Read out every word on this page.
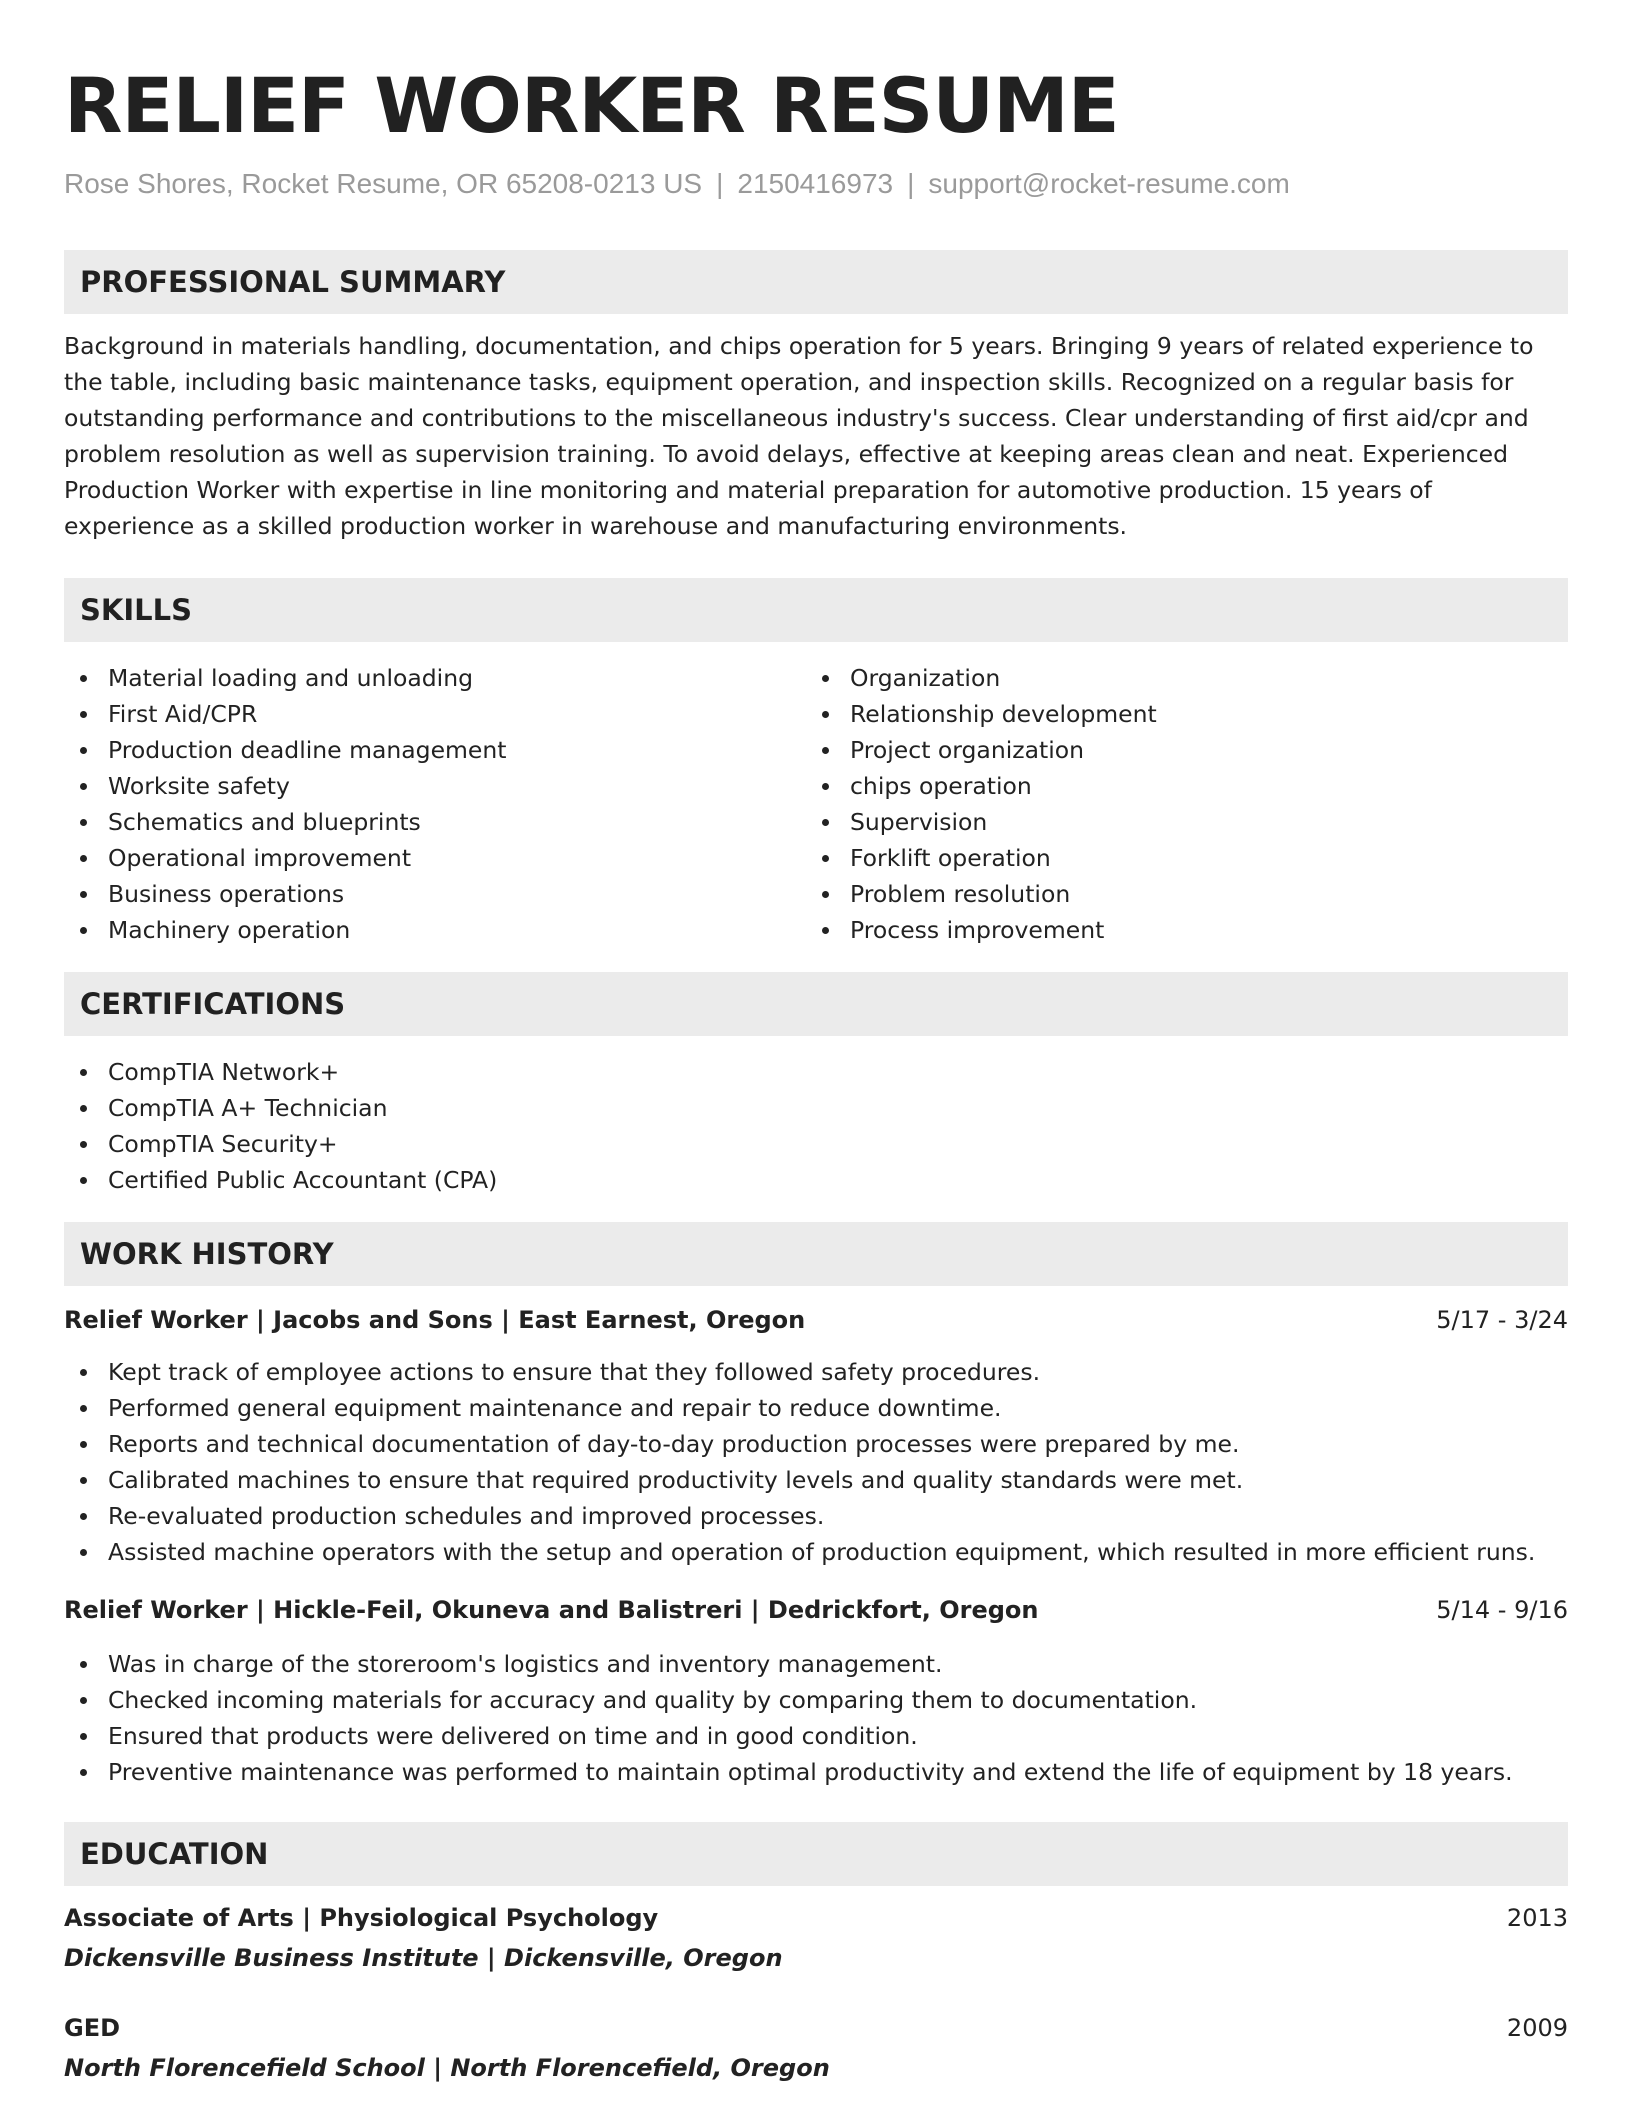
RELIEF WORKER RESUME
Rose Shores, Rocket Resume, OR 65208-0213 US | 2150416973 | support@rocket-resume.com
PROFESSIONAL SUMMARY

Background in materials handling, documentation, and chips operation for 5 years. Bringing 9 years of related experience to the table, including basic maintenance tasks, equipment operation, and inspection skills. Recognized on a regular basis for outstanding performance and contributions to the miscellaneous industry's success. Clear understanding of first aid/cpr and problem resolution as well as supervision training. To avoid delays, effective at keeping areas clean and neat. Experienced Production Worker with expertise in line monitoring and material preparation for automotive production. 15 years of experience as a skilled production worker in warehouse and manufacturing environments.

SKILLS
Material loading and unloading
First Aid/CPR
Production deadline management
Worksite safety
Schematics and blueprints
Operational improvement
Business operations
Machinery operation
Organization
Relationship development
Project organization
chips operation
Supervision
Forklift operation
Problem resolution
Process improvement
CERTIFICATIONS
CompTIA Network+
CompTIA A+ Technician
CompTIA Security+
Certified Public Accountant (CPA)
WORK HISTORY
Relief Worker | Jacobs and Sons | East Earnest, Oregon	5/17 - 3/24
Kept track of employee actions to ensure that they followed safety procedures.
Performed general equipment maintenance and repair to reduce downtime.
Reports and technical documentation of day-to-day production processes were prepared by me.
Calibrated machines to ensure that required productivity levels and quality standards were met.
Re-evaluated production schedules and improved processes.
Assisted machine operators with the setup and operation of production equipment, which resulted in more efficient runs.
Relief Worker | Hickle-Feil, Okuneva and Balistreri | Dedrickfort, Oregon	5/14 - 9/16
Was in charge of the storeroom's logistics and inventory management.
Checked incoming materials for accuracy and quality by comparing them to documentation.
Ensured that products were delivered on time and in good condition.
Preventive maintenance was performed to maintain optimal productivity and extend the life of equipment by 18 years.
EDUCATION
Associate of Arts | Physiological Psychology	2013
Dickensville Business Institute | Dickensville, Oregon
GED	2009
North Florencefield School | North Florencefield, Oregon
